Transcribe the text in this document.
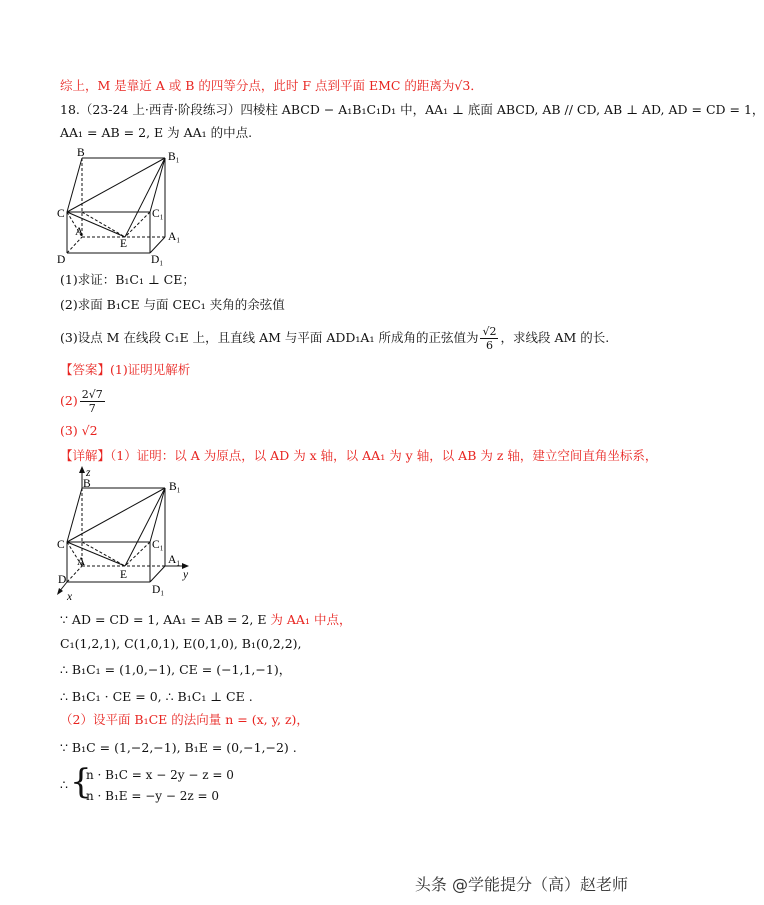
综上，M 是靠近 A 或 B 的四等分点，此时 F 点到平面 EMC 的距离为√3．
18.（23-24 上·西青·阶段练习）四棱柱 ABCD − A₁B₁C₁D₁ 中，AA₁ ⊥ 底面 ABCD, AB // CD, AB ⊥ AD, AD = CD = 1，
AA₁ = AB = 2, E 为 AA₁ 的中点.
B	B₁
C	C₁
A	A₁
E
D	D₁
(1)求证：B₁C₁ ⊥ CE；
(2)求面 B₁CE 与面 CEC₁ 夹角的余弦值
(3)设点 M 在线段 C₁E 上，且直线 AM 与平面 ADD₁A₁ 所成角的正弦值为 $\frac{√2}{6}$ ，求线段 AM 的长.
【答案】(1)证明见解析
$(2) \frac{2√7}{7}$
(3) √2
【详解】（1）证明：以 A 为原点，以 AD 为 x 轴，以 AA₁ 为 y 轴，以 AB 为 z 轴，建立空间直角坐标系，
z
B	B₁
C	C₁
A	A₁
E
D
D₁
x
y
∵ AD = CD = 1, AA₁ = AB = 2, E 为 AA₁ 中点，
C₁(1,2,1), C(1,0,1), E(0,1,0), B₁(0,2,2),
∴ B₁C₁ = (1,0,−1), CE = (−1,1,−1)，
∴ B₁C₁ · CE = 0, ∴ B₁C₁ ⊥ CE .
（2）设平面 B₁CE 的法向量 n = (x, y, z)，
∵ B₁C = (1,−2,−1), B₁E = (0,−1,−2) .
∴ {
n · B₁C = x − 2y − z = 0
n · B₁E = −y − 2z = 0
头条 @学能提分（高）赵老师
